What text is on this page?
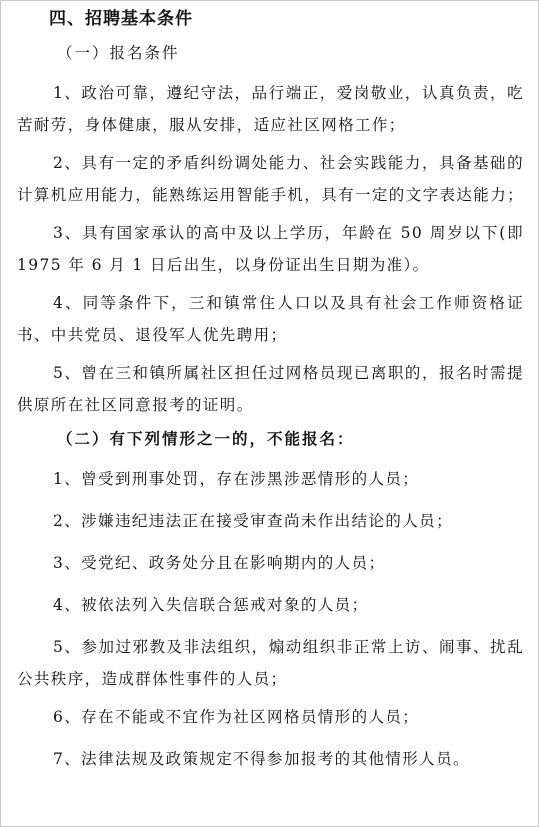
四、招聘基本条件
（一）报名条件

1、政治可靠，遵纪守法，品行端正，爱岗敬业，认真负责，吃苦耐劳，身体健康，服从安排，适应社区网格工作；

2、具有一定的矛盾纠纷调处能力、社会实践能力，具备基础的计算机应用能力，能熟练运用智能手机，具有一定的文字表达能力；

3、具有国家承认的高中及以上学历，年龄在 50 周岁以下(即 1975 年 6 月 1 日后出生，以身份证出生日期为准）。

4、同等条件下，三和镇常住人口以及具有社会工作师资格证书、中共党员、退役军人优先聘用；

5、曾在三和镇所属社区担任过网格员现已离职的，报名时需提供原所在社区同意报考的证明。

（二）有下列情形之一的，不能报名：

1、曾受到刑事处罚，存在涉黑涉恶情形的人员；

2、涉嫌违纪违法正在接受审查尚未作出结论的人员；

3、受党纪、政务处分且在影响期内的人员；

4、被依法列入失信联合惩戒对象的人员；

5、参加过邪教及非法组织，煽动组织非正常上访、闹事、扰乱公共秩序，造成群体性事件的人员；

6、存在不能或不宜作为社区网格员情形的人员；

7、法律法规及政策规定不得参加报考的其他情形人员。
